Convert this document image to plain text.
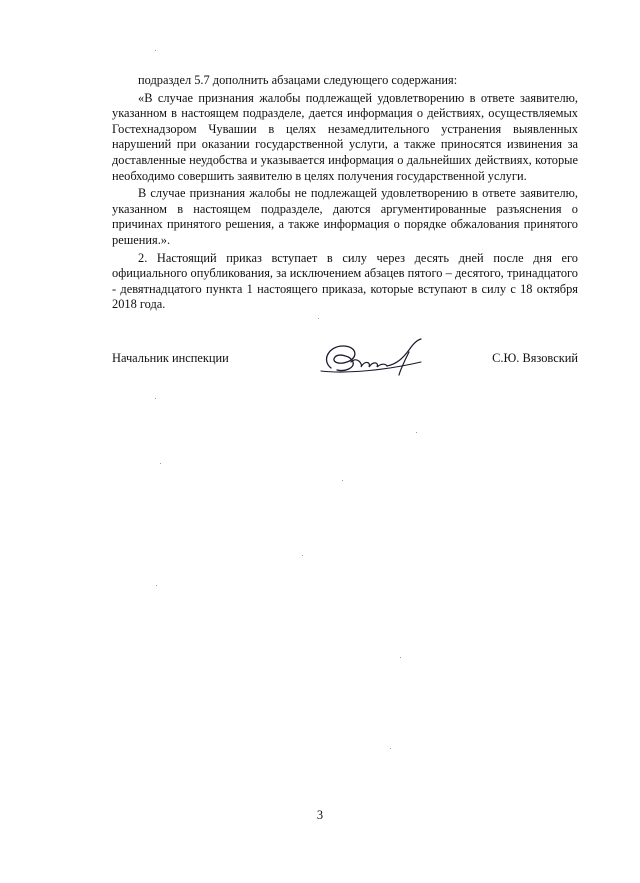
подраздел 5.7 дополнить абзацами следующего содержания:

«В случае признания жалобы подлежащей удовлетворению в ответе заявителю, указанном в настоящем подразделе, дается информация о действиях, осуществляемых Гостехнадзором Чувашии в целях незамедлительного устранения выявленных нарушений при оказании государственной услуги, а также приносятся извинения за доставленные неудобства и указывается информация о дальнейших действиях, которые необходимо совершить заявителю в целях получения государственной услуги.

В случае признания жалобы не подлежащей удовлетворению в ответе заявителю, указанном в настоящем подразделе, даются аргументированные разъяснения о причинах принятого решения, а также информация о порядке обжалования принятого решения.».

2. Настоящий приказ вступает в силу через десять дней после дня его официального опубликования, за исключением абзацев пятого – десятого, тринадцатого - девятнадцатого пункта 1 настоящего приказа, которые вступают в силу с 18 октября 2018 года.

Начальник инспекции	С.Ю. Вязовский
3
